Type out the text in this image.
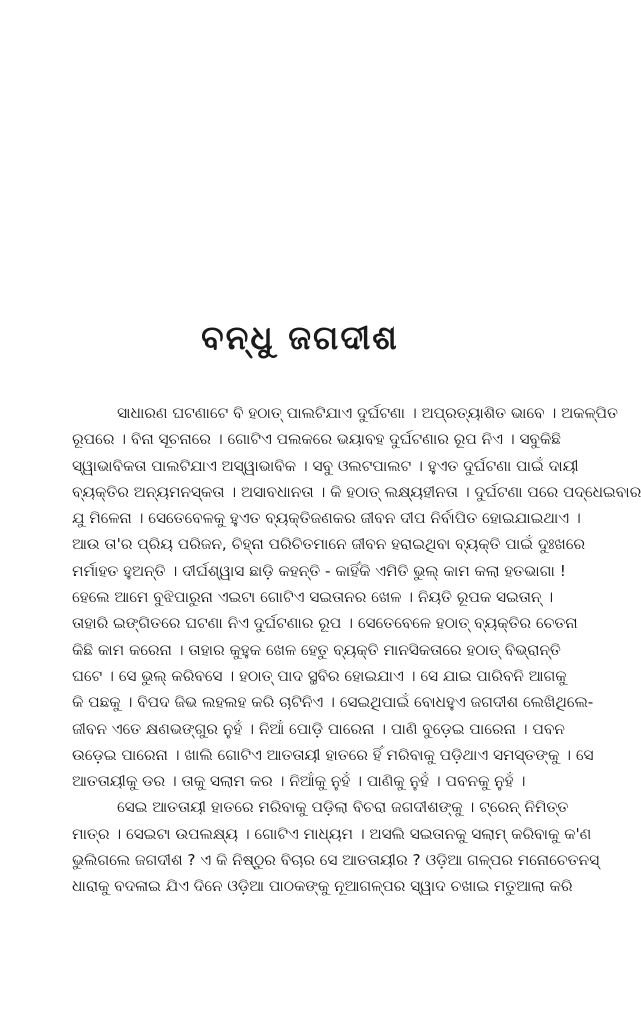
ବନ୍ଧୁ ଜଗଦୀଶ
ସାଧାରଣ ଘଟଣାଟେ ବି ହଠାତ୍ ପାଲଟିଯାଏ ଦୁର୍ଘଟଣା । ଅପ୍ରତ୍ୟାଶିତ ଭାବେ । ଅକଳ୍ପିତ
ରୂପରେ । ବିନା ସୂଚନାରେ । ଗୋଟିଏ ପଲକରେ ଭୟାବହ ଦୁର୍ଘଟଣାର ରୂପ ନିଏ । ସବୁକିଛି
ସ୍ୱାଭାବିକତା ପାଲଟିଯାଏ ଅସ୍ୱାଭାବିକ । ସବୁ ଓଲଟପାଲଟ । ହୁଏତ ଦୁର୍ଘଟଣା ପାଇଁ ଦାୟୀ
ବ୍ୟକ୍ତିର ଅନ୍ୟମନସ୍କତା । ଅସାବଧାନତା । କି ହଠାତ୍ ଲକ୍ଷ୍ୟହୀନତା । ଦୁର୍ଘଟଣା ପରେ ପଦ୍ଧେଇବାର
ଯୁ ମିଳେନା । ସେତେବେଳକୁ ହୁଏତ ବ୍ୟକ୍ତିଜଣକର ଜୀବନ ଦୀପ ନିର୍ବାପିତ ହୋଇଯାଇଥାଏ ।
ଆଉ ତା'ର ପ୍ରିୟ ପରିଜନ, ଚିହ୍ନା ପରିଚିତମାନେ ଜୀବନ ହରାଇଥିବା ବ୍ୟକ୍ତି ପାଇଁ ଦୁଃଖରେ
ମର୍ମାହତ ହୁଅନ୍ତି । ଦୀର୍ଘଶ୍ୱାସ ଛାଡ଼ି କହନ୍ତି - କାହିଁକି ଏମିତି ଭୁଲ୍ କାମ କଲା ହତଭାଗା !
ହେଲେ ଆମେ ବୁଝିପାରୁନା ଏଇଟା ଗୋଟିଏ ସଇତାନର ଖେଳ । ନିୟତି ରୂପକ ସଇତାନ୍ ।
ତାହାରି ଇଙ୍ଗିତରେ ଘଟଣା ନିଏ ଦୁର୍ଘଟଣାର ରୂପ । ସେତେବେଳେ ହଠାତ୍ ବ୍ୟକ୍ତିର ଚେତନା
କିଛି କାମ କରେନା । ତାହାର କୁହୁକ ଖେଳ ହେତୁ ବ୍ୟକ୍ତି ମାନସିକତାରେ ହଠାତ୍ ବିଭ୍ରାନ୍ତି
ଘଟେ । ସେ ଭୁଲ୍ କରିବସେ । ହଠାତ୍ ପାଦ ସ୍ଥବିର ହୋଇଯାଏ । ସେ ଯାଇ ପାରିବନି ଆଗକୁ
କି ପଛକୁ । ବିପଦ ଜିଭ ଲହଲହ କରି ଚାଟିନିଏ । ସେଇଥିପାଇଁ ବୋଧହୁଏ ଜଗଦୀଶ ଲେଖିଥିଲେ-
ଜୀବନ ଏତେ କ୍ଷଣଭଙ୍ଗୁର ନୁହଁ । ନିଆଁ ପୋଡ଼ି ପାରେନା । ପାଣି ବୁଡ଼େଇ ପାରେନା । ପବନ
ଉଡ଼େଇ ପାରେନା । ଖାଲି ଗୋଟିଏ ଆତତାୟୀ ହାତରେ ହିଁ ମରିବାକୁ ପଡ଼ିଥାଏ ସମସ୍ତଙ୍କୁ । ସେ
ଆତତାୟୀକୁ ଡର । ତାକୁ ସଲାମ କର । ନିଆଁକୁ ନୁହଁ । ପାଣିକୁ ନୁହଁ । ପବନକୁ ନୁହଁ ।
ସେଇ ଆତତାୟୀ ହାତରେ ମରିବାକୁ ପଡ଼ିଲା ବିଚରା ଜଗଦୀଶଙ୍କୁ । ଟ୍ରେନ୍ ନିମିତ୍ତ
ମାତ୍ର । ସେଇଟା ଉପଲକ୍ଷ୍ୟ । ଗୋଟିଏ ମାଧ୍ୟମ । ଅସଲି ସଇତାନକୁ ସଲାମ୍ କରିବାକୁ କ'ଣ
ଭୁଲିଗଲେ ଜଗଦୀଶ ? ଏ କି ନିଷ୍ଠୁର ବିଚାର ସେ ଆତତାୟୀର ? ଓଡ଼ିଆ ଗଳ୍ପର ମନୋଚେତନସ୍
ଧାରାକୁ ବଦଳାଇ ଯିଏ ଦିନେ ଓଡ଼ିଆ ପାଠକଙ୍କୁ ନୂଆଗଳ୍ପର ସ୍ୱାଦ ଚଖାଇ ମତୁଆଲା କରି
